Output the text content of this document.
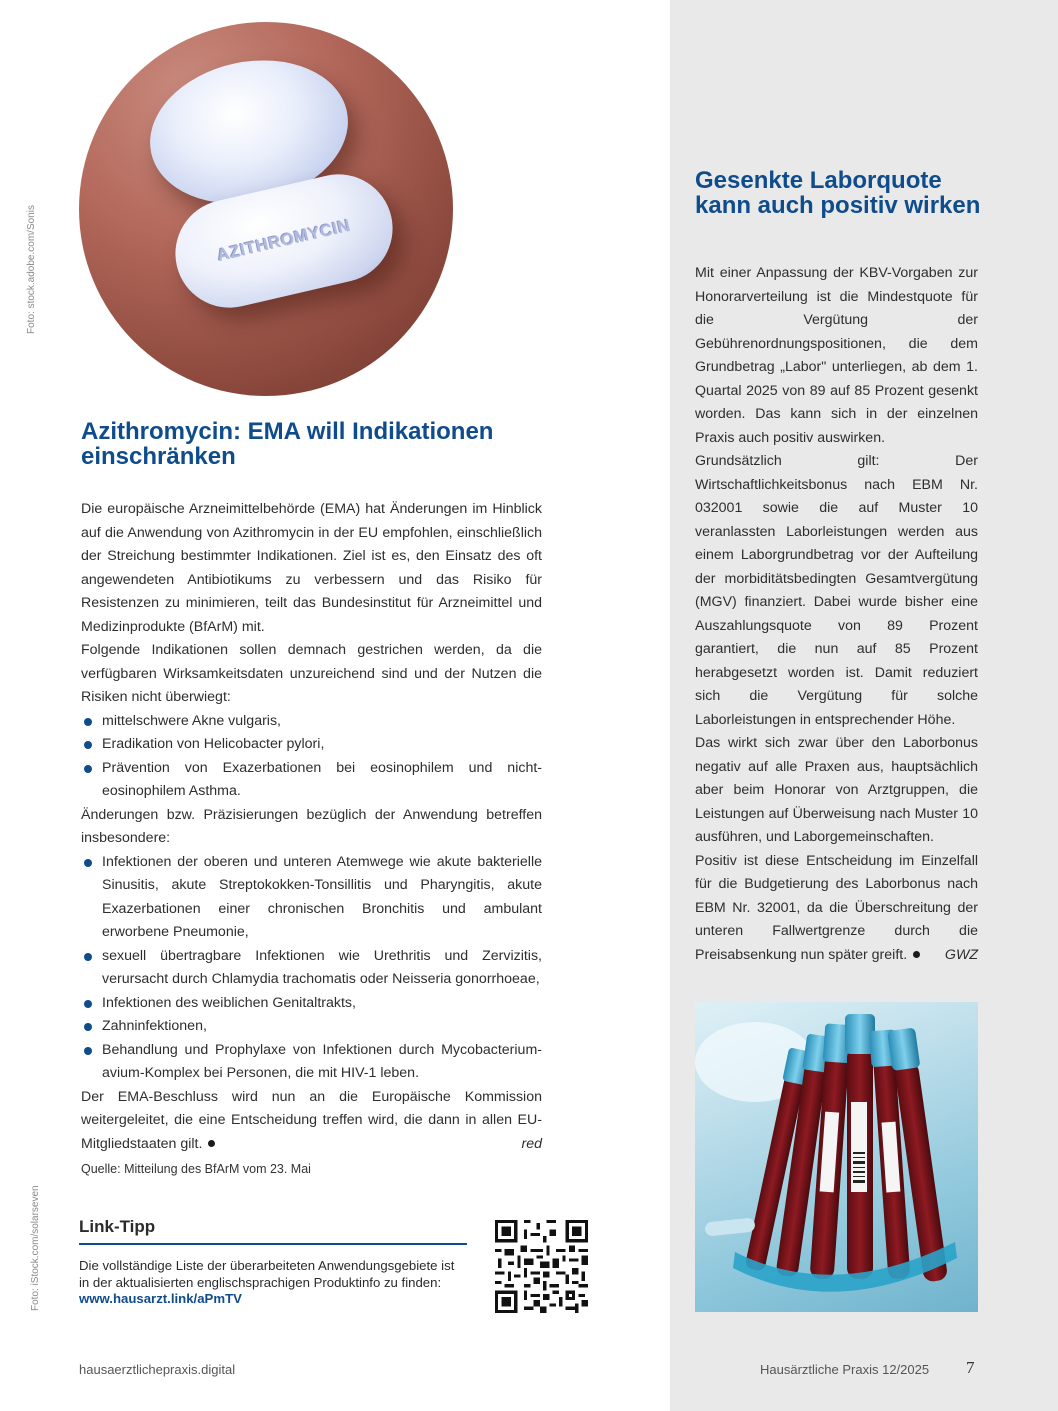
Foto: stock.adobe.com/Sonis
Foto: iStock.com/solarseven
AZITHROMYCIN
Azithromycin: EMA will Indikationen einschränken

Die europäische Arzneimittelbehörde (EMA) hat Änderungen im Hinblick auf die Anwendung von Azithromycin in der EU empfohlen, einschließlich der Streichung bestimmter Indikationen. Ziel ist es, den Einsatz des oft angewendeten Antibiotikums zu verbessern und das Risiko für Resistenzen zu minimieren, teilt das Bundesinstitut für Arzneimittel und Medizinprodukte (BfArM) mit.

Folgende Indikationen sollen demnach gestrichen werden, da die verfügbaren Wirksamkeitsdaten unzureichend sind und der Nutzen die Risiken nicht überwiegt:

mittelschwere Akne vulgaris,
Eradikation von Helicobacter pylori,
Prävention von Exazerbationen bei eosinophilem und nicht-eosinophilem Asthma.

Änderungen bzw. Präzisierungen bezüglich der Anwendung betreffen insbesondere:

Infektionen der oberen und unteren Atemwege wie akute bakterielle Sinusitis, akute Streptokokken-Tonsillitis und Pharyngitis, akute Exazerbationen einer chronischen Bronchitis und ambulant erworbene Pneumonie,
sexuell übertragbare Infektionen wie Urethritis und Zervizitis, verursacht durch Chlamydia trachomatis oder Neisseria gonorrhoeae,
Infektionen des weiblichen Genitaltrakts,
Zahninfektionen,
Behandlung und Prophylaxe von Infektionen durch Mycobacterium-avium-Komplex bei Personen, die mit HIV-1 leben.

Der EMA-Beschluss wird nun an die Europäische Kommission weitergeleitet, die eine Entscheidung treffen wird, die dann in allen EU-Mitgliedstaaten gilt.	red

Quelle: Mitteilung des BfArM vom 23. Mai
Link-Tipp
Die vollständige Liste der überarbeiteten Anwendungsgebiete ist in der aktualisierten englischsprachigen Produktinfo zu finden: www.hausarzt.link/aPmTV
Gesenkte Laborquote kann auch positiv wirken

Mit einer Anpassung der KBV-Vorgaben zur Honorarverteilung ist die Mindestquote für die Vergütung der Gebührenordnungspositionen, die dem Grundbetrag „Labor" unterliegen, ab dem 1. Quartal 2025 von 89 auf 85 Prozent gesenkt worden. Das kann sich in der einzelnen Praxis auch positiv auswirken.

Grundsätzlich gilt: Der Wirtschaftlichkeitsbonus nach EBM Nr. 032001 sowie die auf Muster 10 veranlassten Laborleistungen werden aus einem Laborgrundbetrag vor der Aufteilung der morbiditätsbedingten Gesamtvergütung (MGV) finanziert. Dabei wurde bisher eine Auszahlungsquote von 89 Prozent garantiert, die nun auf 85 Prozent herabgesetzt worden ist. Damit reduziert sich die Vergütung für solche Laborleistungen in entsprechender Höhe.

Das wirkt sich zwar über den Laborbonus negativ auf alle Praxen aus, hauptsächlich aber beim Honorar von Arztgruppen, die Leistungen auf Überweisung nach Muster 10 ausführen, und Laborgemeinschaften.

Positiv ist diese Entscheidung im Einzelfall für die Budgetierung des Laborbonus nach EBM Nr. 32001, da die Überschreitung der unteren Fallwertgrenze durch die Preisabsenkung nun später greift.	GWZ

hausaerztlichepraxis.digital	Hausärztliche Praxis 12/2025 7
